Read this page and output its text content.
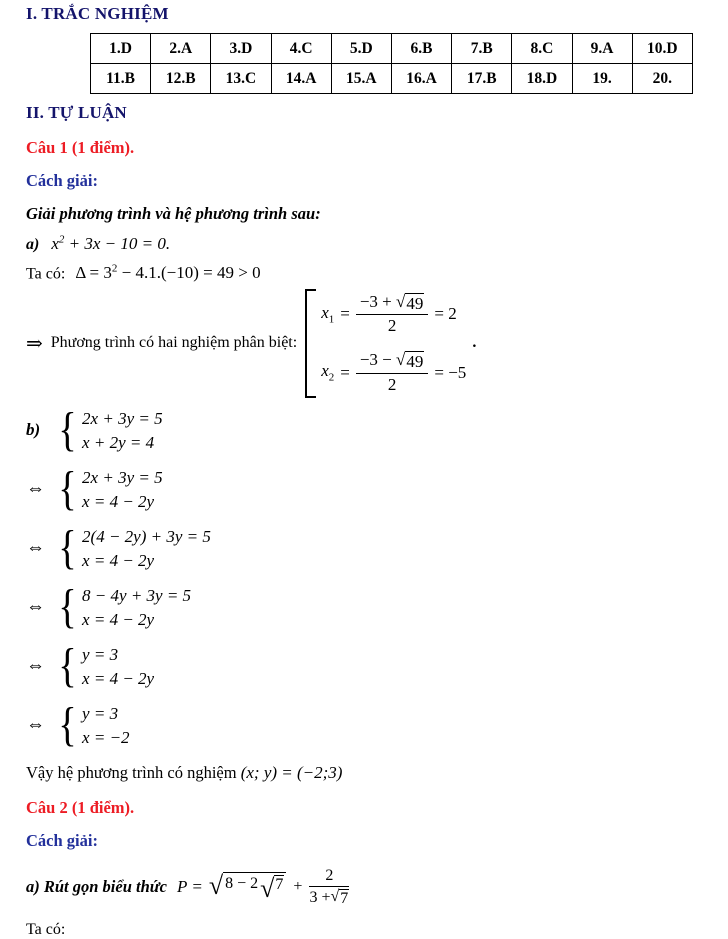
I. TRẮC NGHIỆM
1.D	2.A	3.D	4.C	5.D	6.B	7.B	8.C	9.A	10.D
11.B	12.B	13.C	14.A	15.A	16.A	17.B	18.D	19.	20.
II. TỰ LUẬN
Câu 1 (1 điểm).
Cách giải:
Giải phương trình và hệ phương trình sau:
a) $x^2 + 3x - 10 = 0$.
Ta có: $\Delta = 3^2 - 4.1.(-10) = 49 > 0$
⇒ Phương trình có hai nghiệm phân biệt:
$x_1 = \frac{-3 + √ 49}{2} = 2$
$x_2 = \frac{-3 - √ 49}{2} = -5$
.
b) { 2x + 3y = 5
x + 2y = 4
⇔ { 2x + 3y = 5
x = 4 − 2y
⇔ { 2(4 − 2y) + 3y = 5
x = 4 − 2y
⇔ { 8 − 4y + 3y = 5
x = 4 − 2y
⇔ { y = 3
x = 4 − 2y
⇔ { y = 3
x = −2
Vậy hệ phương trình có nghiệm (x; y) = (−2;3)
Câu 2 (1 điểm).
Cách giải:
a) Rút gọn biểu thức P = √ 8 − 2 √ $7 + \frac{2}{3 + √ 7}$
Ta có:
